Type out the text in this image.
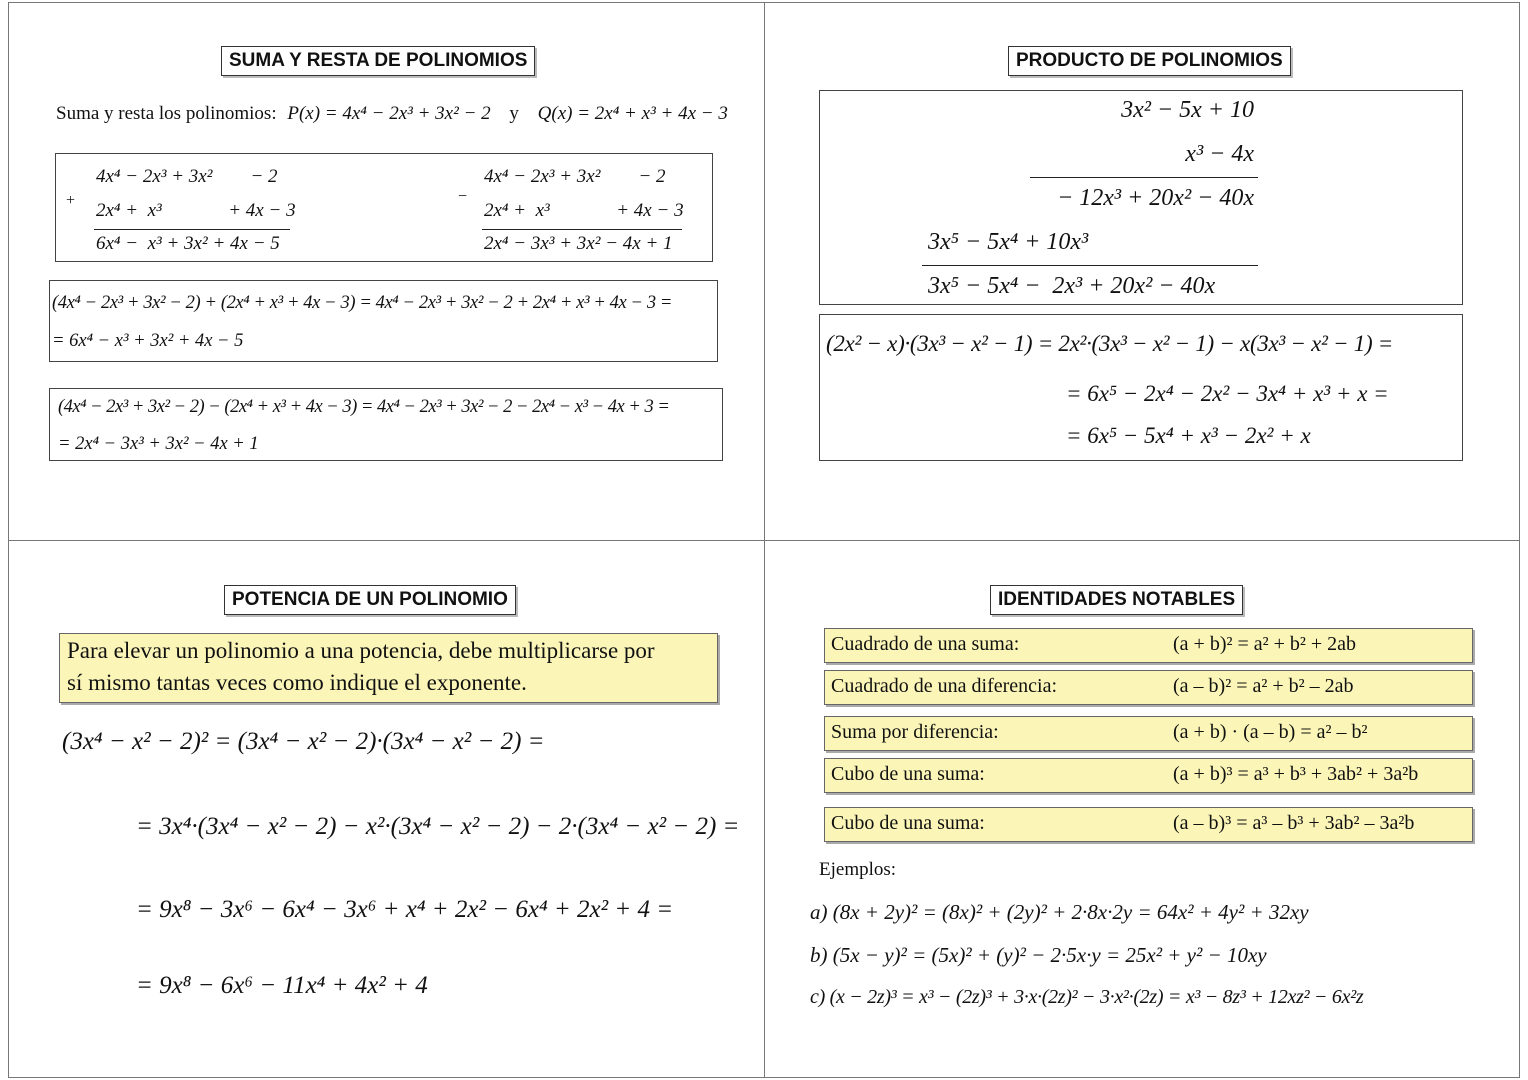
SUMA Y RESTA DE POLINOMIOS
Suma y resta los polinomios: P(x) = 4x⁴ − 2x³ + 3x² − 2 y Q(x) = 2x⁴ + x³ + 4x − 3
+
4x⁴ − 2x³ + 3x²        − 2
2x⁴ +  x³              + 4x − 3
6x⁴ −  x³ + 3x² + 4x − 5
−
4x⁴ − 2x³ + 3x²        − 2
2x⁴ +  x³              + 4x − 3
2x⁴ − 3x³ + 3x² − 4x + 1
(4x⁴ − 2x³ + 3x² − 2) + (2x⁴ + x³ + 4x − 3) = 4x⁴ − 2x³ + 3x² − 2 + 2x⁴ + x³ + 4x − 3 =
= 6x⁴ − x³ + 3x² + 4x − 5
(4x⁴ − 2x³ + 3x² − 2) − (2x⁴ + x³ + 4x − 3) = 4x⁴ − 2x³ + 3x² − 2 − 2x⁴ − x³ − 4x + 3 =
= 2x⁴ − 3x³ + 3x² − 4x + 1
PRODUCTO DE POLINOMIOS
3x² − 5x + 10
x³ − 4x
− 12x³ + 20x² − 40x
3x⁵ − 5x⁴ + 10x³
3x⁵ − 5x⁴ −  2x³ + 20x² − 40x
(2x² − x)·(3x³ − x² − 1) = 2x²·(3x³ − x² − 1) − x(3x³ − x² − 1) =
= 6x⁵ − 2x⁴ − 2x² − 3x⁴ + x³ + x =
= 6x⁵ − 5x⁴ + x³ − 2x² + x
POTENCIA DE UN POLINOMIO
Para elevar un polinomio a una potencia, debe multiplicarse por
sí mismo tantas veces como indique el exponente.
(3x⁴ − x² − 2)² = (3x⁴ − x² − 2)·(3x⁴ − x² − 2) =
= 3x⁴·(3x⁴ − x² − 2) − x²·(3x⁴ − x² − 2) − 2·(3x⁴ − x² − 2) =
= 9x⁸ − 3x⁶ − 6x⁴ − 3x⁶ + x⁴ + 2x² − 6x⁴ + 2x² + 4 =
= 9x⁸ − 6x⁶ − 11x⁴ + 4x² + 4
IDENTIDADES NOTABLES
Cuadrado de una suma:	(a + b)² = a² + b² + 2ab
Cuadrado de una diferencia:	(a – b)² = a² + b² – 2ab
Suma por diferencia:	(a + b) · (a – b) = a² – b²
Cubo de una suma:	(a + b)³ = a³ + b³ + 3ab² + 3a²b
Cubo de una suma:	(a – b)³ = a³ – b³ + 3ab² – 3a²b
Ejemplos:
a) (8x + 2y)² = (8x)² + (2y)² + 2·8x·2y = 64x² + 4y² + 32xy
b) (5x − y)² = (5x)² + (y)² − 2·5x·y = 25x² + y² − 10xy
c) (x − 2z)³ = x³ − (2z)³ + 3·x·(2z)² − 3·x²·(2z) = x³ − 8z³ + 12xz² − 6x²z
